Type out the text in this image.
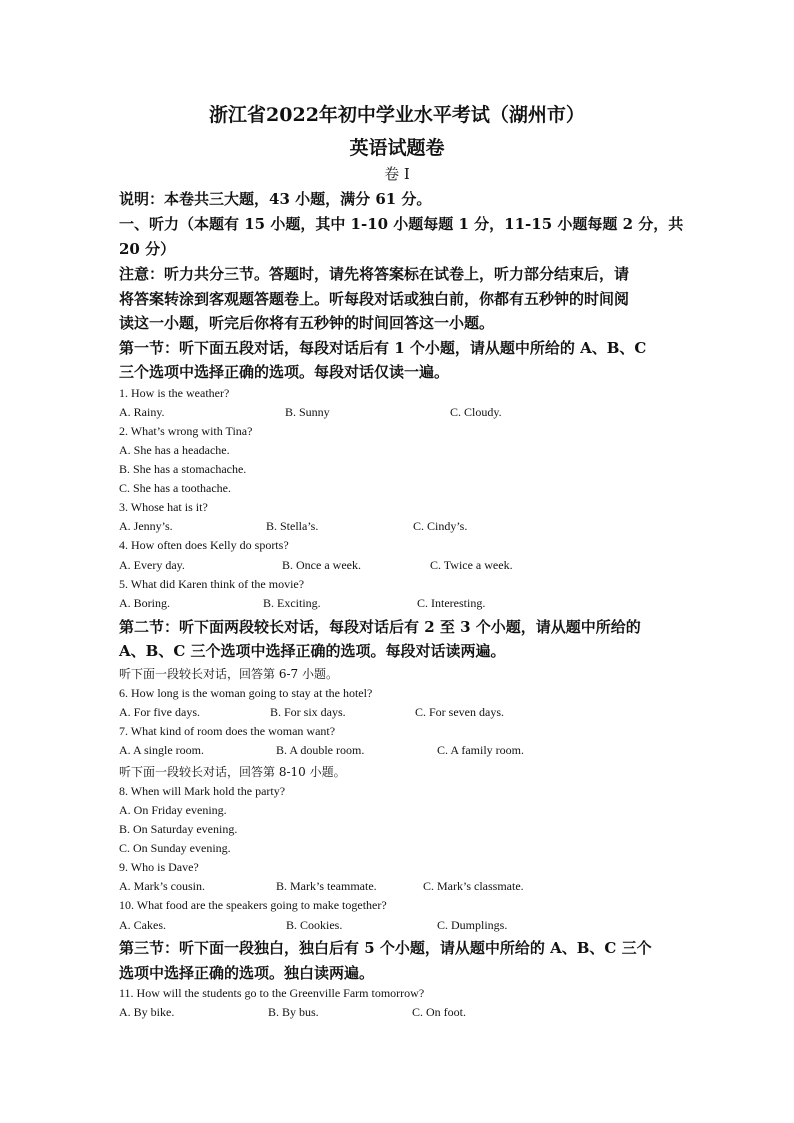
浙江省2022年初中学业水平考试（湖州市）
英语试题卷
卷 I
说明：本卷共三大题，43 小题，满分 61 分。
一、听力（本题有 15 小题，其中 1-10 小题每题 1 分，11-15 小题每题 2 分，共
20 分）
注意：听力共分三节。答题时，请先将答案标在试卷上，听力部分结束后，请
将答案转涂到客观题答题卷上。听每段对话或独白前，你都有五秒钟的时间阅
读这一小题，听完后你将有五秒钟的时间回答这一小题。
第一节：听下面五段对话，每段对话后有 1 个小题，请从题中所给的 A、B、C
三个选项中选择正确的选项。每段对话仅读一遍。
1. How is the weather?
A. Rainy.	B. Sunny	C. Cloudy.
2. What’s wrong with Tina?
A. She has a headache.
B. She has a stomachache.
C. She has a toothache.
3. Whose hat is it?
A. Jenny’s.	B. Stella’s.	C. Cindy’s.
4. How often does Kelly do sports?
A. Every day.	B. Once a week.	C. Twice a week.
5. What did Karen think of the movie?
A. Boring.	B. Exciting.	C. Interesting.
第二节：听下面两段较长对话，每段对话后有 2 至 3 个小题，请从题中所给的
A、B、C 三个选项中选择正确的选项。每段对话读两遍。
听下面一段较长对话，回答第 6-7 小题。
6. How long is the woman going to stay at the hotel?
A. For five days.	B. For six days.	C. For seven days.
7. What kind of room does the woman want?
A. A single room.	B. A double room.	C. A family room.
听下面一段较长对话，回答第 8-10 小题。
8. When will Mark hold the party?
A. On Friday evening.
B. On Saturday evening.
C. On Sunday evening.
9. Who is Dave?
A. Mark’s cousin.	B. Mark’s teammate.	C. Mark’s classmate.
10. What food are the speakers going to make together?
A. Cakes.	B. Cookies.	C. Dumplings.
第三节：听下面一段独白，独白后有 5 个小题，请从题中所给的 A、B、C 三个
选项中选择正确的选项。独白读两遍。
11. How will the students go to the Greenville Farm tomorrow?
A. By bike.	B. By bus.	C. On foot.
